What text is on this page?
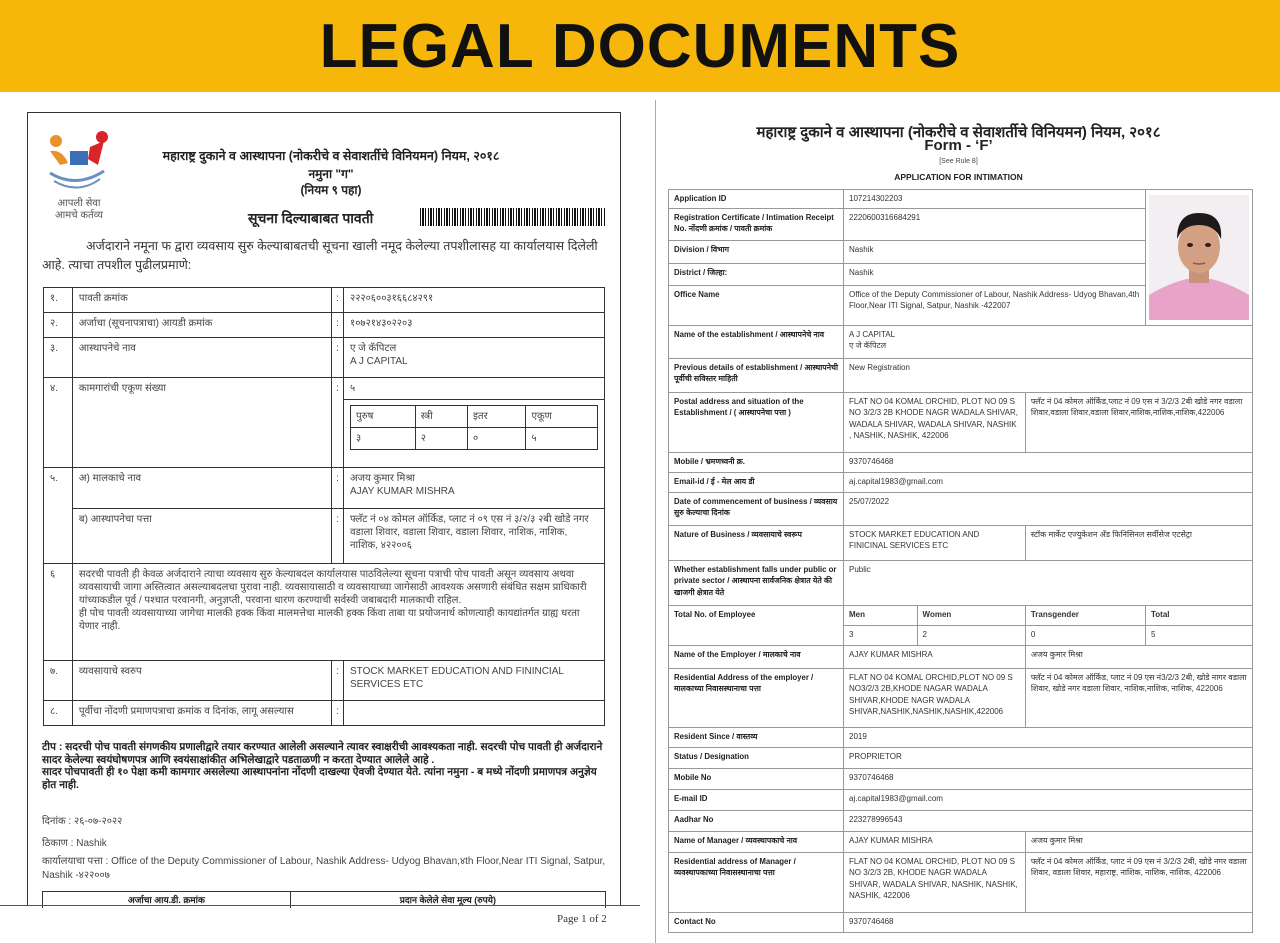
LEGAL DOCUMENTS
आपली सेवा
आमचे कर्तव्य
महाराष्ट्र दुकाने व आस्थापना (नोकरीचे व सेवाशर्तीचे विनियमन) नियम, २०१८
नमुना "ग"
(नियम ९ पहा)
सूचना दिल्याबाबत पावती
अर्जदाराने नमूना फ द्वारा व्यवसाय सुरु केल्याबाबतची सूचना खाली नमूद केलेल्या तपशीलासह या कार्यालयास दिलेली आहे. त्याचा तपशील पुढीलप्रमाणे:
१.	पावती क्रमांक	:	२२२०६००३१६६८४२९१
२.	अर्जाचा (सूचनापत्राचा) आयडी क्रमांक	:	१०७२१४३०२२०३
३.	आस्थापनेचे नाव	:	ए जे कॅपिटल
A J CAPITAL

४.	कामगारांची एकूण संख्या	:	५
पुरुष	स्त्री	इतर	एकूण
३	२	०	५

५.	अ) मालकाचे नाव	:	अजय कुमार मिश्रा
AJAY KUMAR MISHRA

ब) आस्थापनेचा पत्ता	:	फ्लॅट नं ०४ कोमल ऑर्किड, प्लाट नं ०९ एस नं ३/२/३ २बी खोडे नगर वडाला शिवार, वडाला शिवार, वडाला शिवार, नाशिक, नाशिक, नाशिक, ४२२००६
६	सदरची पावती ही केवळ अर्जदाराने त्याचा व्यवसाय सुरु केल्याबदल कार्यालयास पाठविलेल्या सूचना पत्राची पोच पावती असून व्यवसाय अथवा व्यवसायाची जागा अस्तित्वात असल्याबदलचा पुरावा नाही. व्यवसायासाठी व व्यवसायाच्या जागेसाठी आवश्यक असणारी संबंधित सक्षम प्राधिकारी यांच्याकडील पूर्व / पश्चात परवानगी, अनुज्ञप्ती, परवाना धारण करण्याची सर्वस्वी जबाबदारी मालकाची राहिल.
ही पोच पावती व्यवसायाच्या जागेचा मालकी हक्क किंवा मालमत्तेचा मालकी हक्क किंवा ताबा या प्रयोजनार्थ कोणत्याही कायद्यांतर्गत ग्राह्य धरता येणार नाही.

७.	व्यवसायाचे स्वरुप	:	STOCK MARKET EDUCATION AND FININCIAL SERVICES ETC
८.	पूर्वीचा नोंदणी प्रमाणपत्राचा क्रमांक व दिनांक, लागू असल्यास	:	
टीप : सदरची पोच पावती संगणकीय प्रणालीद्वारे तयार करण्यात आलेली असल्याने त्यावर स्वाक्षरीची आवश्यकता नाही. सदरची पोच पावती ही अर्जदाराने सादर केलेल्या स्वयंघोषणपत्र आणि स्वयंसाक्षांकीत अभिलेखाद्वारे पडताळणी न करता देण्यात आलेले आहे .
सादर पोचपावती ही १० पेक्षा कमी कामगार असलेल्या आस्थापनांना नोंदणी दाखल्या ऐवजी देण्यात येते. त्यांना नमुना - ब मध्ये नोंदणी प्रमाणपत्र अनुज्ञेय होत नाही.
दिनांक : २६-०७-२०२२
ठिकाण : Nashik
कार्यालयाचा पत्ता : Office of the Deputy Commissioner of Labour, Nashik Address- Udyog Bhavan,४th Floor,Near ITI Signal, Satpur, Nashik -४२२००७
अर्जाचा आय.डी. क्रमांक	प्रदान केलेले सेवा मूल्य (रुपये)
Page 1 of 2
महाराष्ट्र दुकाने व आस्थापना (नोकरीचे व सेवाशर्तीचे विनियमन) नियम, २०१८
Form - ‘F’
[See Rule 8]
APPLICATION FOR INTIMATION
Application ID	107214302203	

Registration Certificate / Intimation Receipt No. नोंदणी क्रमांक / पावती क्रमांक	2220600316684291			
Division / विभाग	Nashik			
District / जिल्हा:	Nashik			
Office Name	Office of the Deputy Commissioner of Labour, Nashik Address- Udyog Bhavan,4th Floor,Near ITI Signal, Satpur, Nashik -422007			
Name of the establishment / आस्थापनेचे नाव	A J CAPITAL
ए जे कॅपिटल			

Previous details of establishment / आस्थापनेची पूर्वीची सविस्तर माहिती	New Registration			
Postal address and situation of the Establishment / ( आस्थापनेचा पत्ता )	FLAT NO 04 KOMAL ORCHID, PLOT NO 09 S NO 3/2/3 2B KHODE NAGR WADALA SHIVAR, WADALA SHIVAR, WADALA SHIVAR, NASHIK , NASHIK, NASHIK, 422006		फ्लॅट नं 04 कोमल ऑर्किड,प्लाट नं 09 एस नं 3/2/3 2बी खोडे नगर वडाला शिवार,वडाला शिवार,वडाला शिवार,नाशिक,नाशिक,नाशिक,422006	
Mobile / भ्रमणध्वनी क्र.	9370746468			
Email-id / ई - मेल आय डी	aj.capital1983@gmail.com			
Date of commencement of business / व्यवसाय सुरु केल्याचा दिनांक	25/07/2022			
Nature of Business / व्यवसायाचे स्वरूप	STOCK MARKET EDUCATION AND FINICINAL SERVICES ETC		स्टॉक मार्केट एज्युकेशन अँड फिनिसिनल सर्वीसेज एटसेट्रा	
Whether establishment falls under public or private sector / आस्थापना सार्वजनिक क्षेत्रात येते की खाजगी क्षेत्रात येते	Public			
Total No. of Employee	Men	Women	Transgender	Total
	3	2	0	5
Name of the Employer / मालकाचे नाव	AJAY KUMAR MISHRA		अजय कुमार मिश्रा	
Residential Address of the employer / मालकाच्या निवासस्थानाचा पत्ता	FLAT NO 04 KOMAL ORCHID,PLOT NO 09 S NO3/2/3 2B,KHODE NAGAR WADALA SHIVAR,KHODE NAGR WADALA SHIVAR,NASHIK,NASHIK,NASHIK,422006		फ्लॅट नं 04 कोमल ऑर्किड, प्लाट नं 09 एस नं3/2/3 2बी, खोडे नागर वडाला शिवार, खोडे नगर वडाला शिवार, नाशिक,नाशिक, नाशिक, 422006	
Resident Since / वास्तव्य	2019			
Status / Designation	PROPRIETOR			
Mobile No	9370746468			
E-mail ID	aj.capital1983@gmail.com			
Aadhar No	223278996543			
Name of Manager / व्यवस्थापकाचे नाव	AJAY KUMAR MISHRA		अजय कुमार मिश्रा	
Residential address of Manager / व्यवस्थापकाच्या निवासस्थानाचा पत्ता	FLAT NO 04 KOMAL ORCHID, PLOT NO 09 S NO 3/2/3 2B, KHODE NAGR WADALA SHIVAR, WADALA SHIVAR, NASHIK, NASHIK, NASHIK, 422006		फ्लॅट नं 04 कोमल ऑर्किड, प्लाट नं 09 एस नं 3/2/3 2बी, खोडे नगर वडाला शिवार, वडाला शिवार, महाराष्ट्र, नाशिक, नाशिक, नाशिक, 422006	
Contact No	9370746468			
